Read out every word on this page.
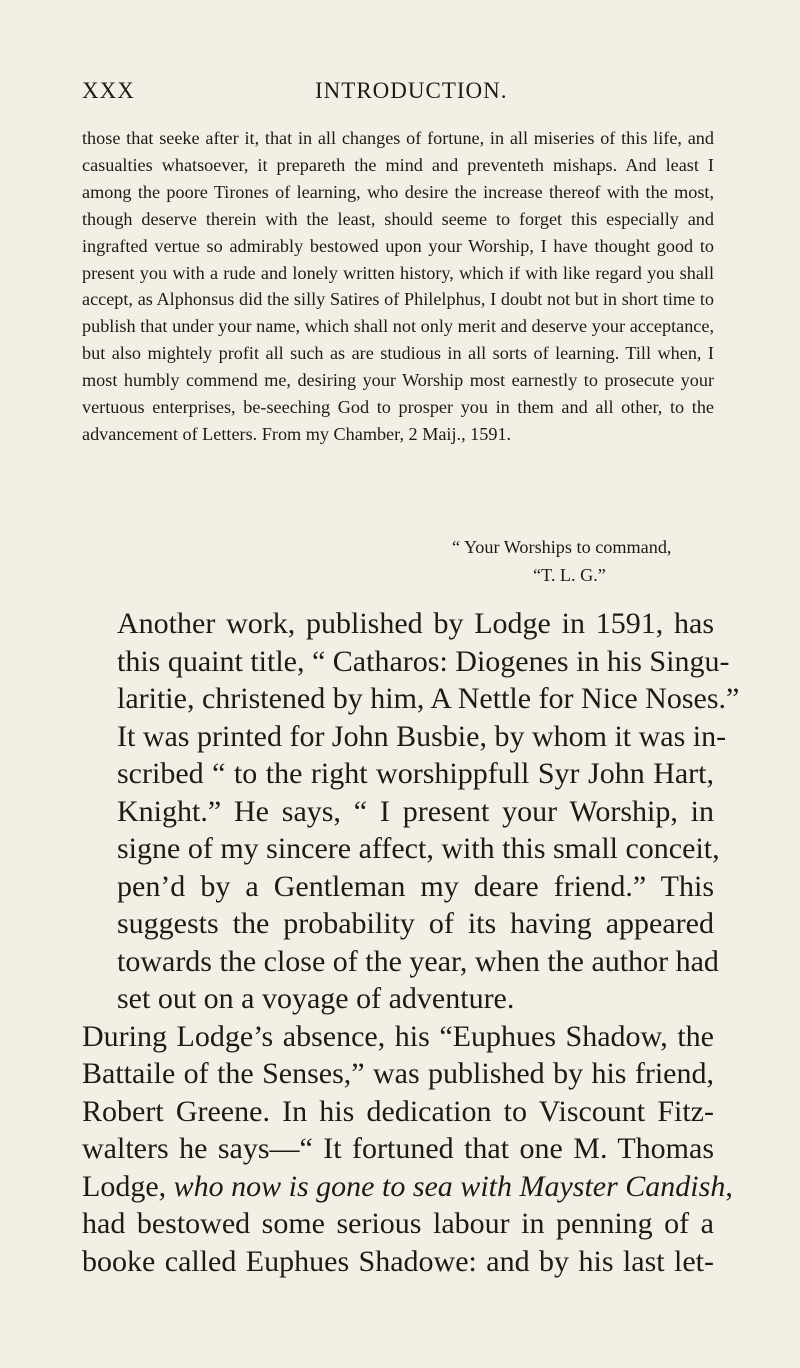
XXX	INTRODUCTION.

those that seeke after it, that in all changes of fortune, in all miseries of this life, and casualties whatsoever, it prepareth the mind and preventeth mishaps. And least I among the poore Tirones of learning, who desire the increase thereof with the most, though deserve therein with the least, should seeme to forget this especially and ingrafted vertue so admirably bestowed upon your Worship, I have thought good to present you with a rude and lonely written history, which if with like regard you shall accept, as Alphonsus did the silly Satires of Philelphus, I doubt not but in short time to publish that under your name, which shall not only merit and deserve your acceptance, but also mightely profit all such as are studious in all sorts of learning. Till when, I most humbly commend me, desiring your Worship most earnestly to prosecute your vertuous enterprises, be-seeching God to prosper you in them and all other, to the advancement of Letters. From my Chamber, 2 Maij., 1591.

“ Your Worships to command,
“T. L. G.”

Another work, published by Lodge in 1591, has
this quaint title, “ Catharos: Diogenes in his Singu-
laritie, christened by him, A Nettle for Nice Noses.”
It was printed for John Busbie, by whom it was in-
scribed “ to the right worshippfull Syr John Hart,
Knight.” He says, “ I present your Worship, in
signe of my sincere affect, with this small conceit,
pen’d by a Gentleman my deare friend.” This
suggests the probability of its having appeared
towards the close of the year, when the author had
set out on a voyage of adventure.

During Lodge’s absence, his “Euphues Shadow, the
Battaile of the Senses,” was published by his friend,
Robert Greene. In his dedication to Viscount Fitz-
walters he says—“ It fortuned that one M. Thomas
Lodge, who now is gone to sea with Mayster Candish,
had bestowed some serious labour in penning of a
booke called Euphues Shadowe: and by his last let-
